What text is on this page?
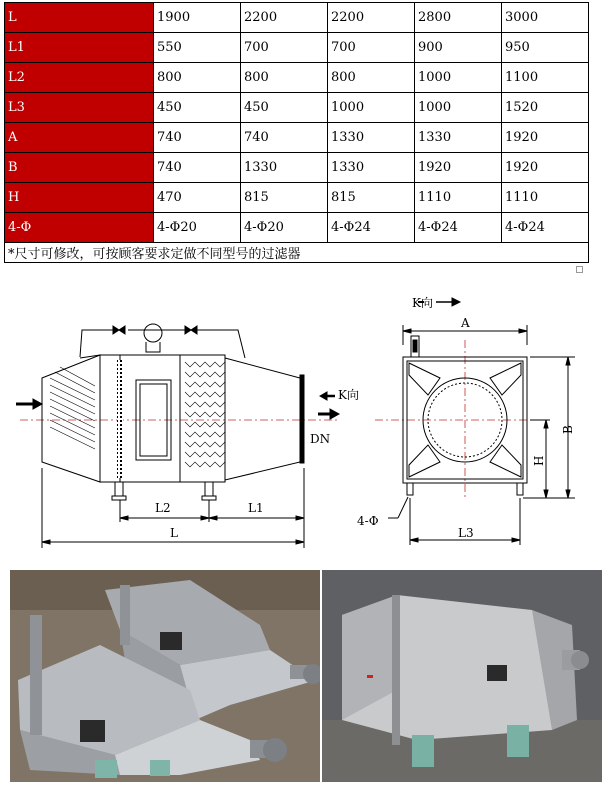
L	1900	2200	2200	2800	3000
L1	550	700	700	900	950
L2	800	800	800	1000	1100
L3	450	450	1000	1000	1520
A	740	740	1330	1330	1920
B	740	1330	1330	1920	1920
H	470	815	815	1110	1110
4-Φ	4-Φ20	4-Φ20	4-Φ24	4-Φ24	4-Φ24
*尺寸可修改，可按顾客要求定做不同型号的过滤器					
DN
K向
L2	L1
L
K向
A
B
H
4-Φ
L3
